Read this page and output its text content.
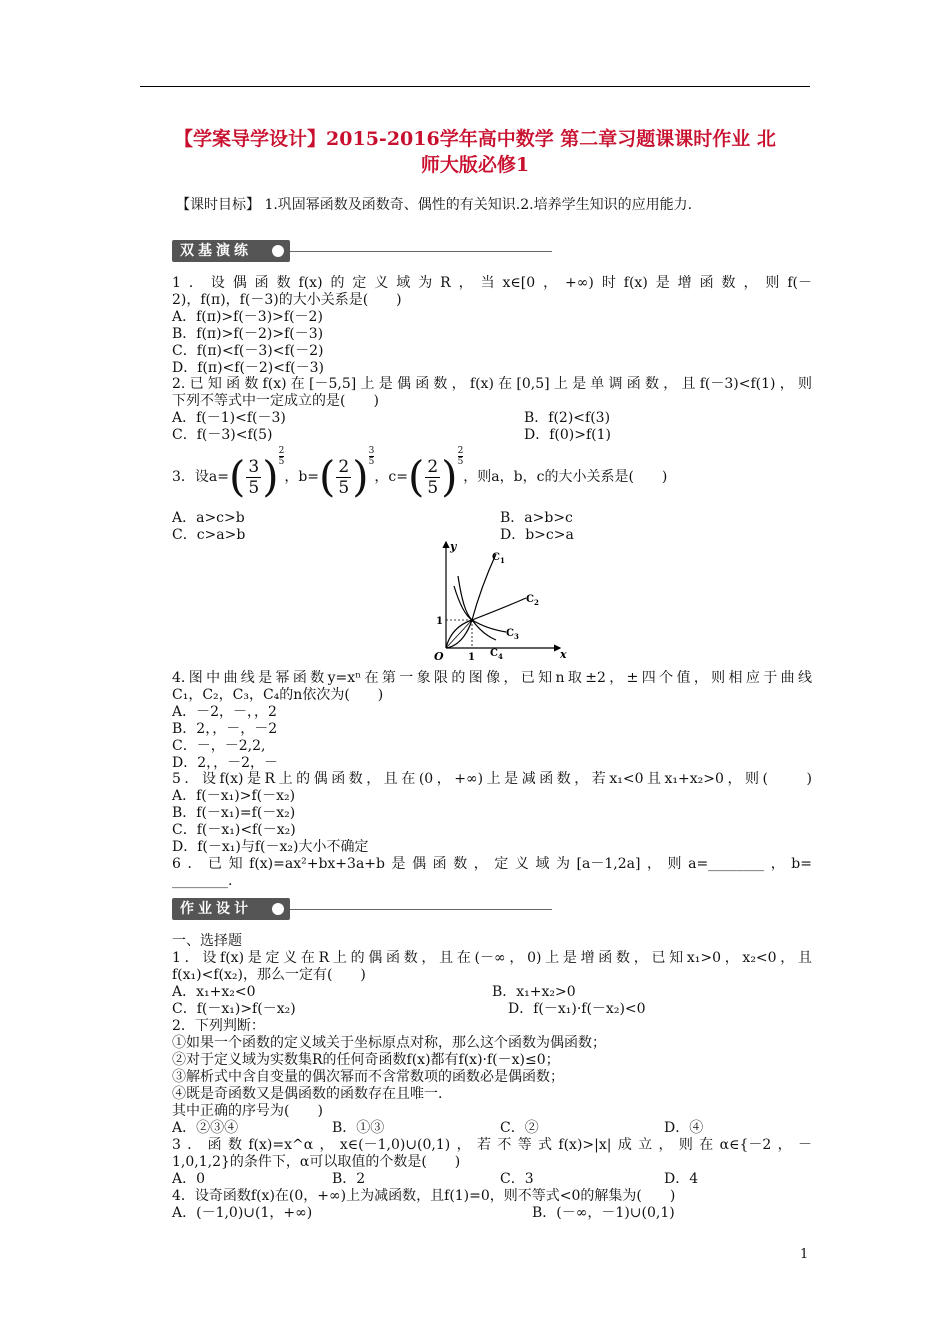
【学案导学设计】2015-2016学年高中数学 第二章习题课课时作业 北
师大版必修1
【课时目标】 1.巩固幂函数及函数奇、偶性的有关知识.2.培养学生知识的应用能力.
双基演练
1．设偶函数f(x)的定义域为R，当x∈[0，+∞)时f(x)是增函数，则f(－
2)，f(π)，f(－3)的大小关系是(　　)
A．f(π)>f(－3)>f(－2)
B．f(π)>f(－2)>f(－3)
C．f(π)<f(－3)<f(－2)
D．f(π)<f(－2)<f(－3)
2.已知函数f(x)在[－5,5]上是偶函数，f(x)在[0,5]上是单调函数，且f(－3)<f(1)，则
下列不等式中一定成立的是(　　)
A．f(－1)<f(－3)	B．f(2)<f(3)
C．f(－3)<f(5)	D．f(0)>f(1)
3．设$a=( \frac{3}{5}$ ) $\frac{2}{5}$，$b=( \frac{2}{5}$ ) $\frac{3}{5}$，$c=( \frac{2}{5}$ ) $\frac{2}{5}$，则a，b，c的大小关系是(　　)
A．a>c>b	B．a>b>c
C．c>a>b	D．b>c>a
y
x
O 1
1
$C_1$
$C_2$
$C_3$
$C_4$
4.图中曲线是幂函数y=xⁿ在第一象限的图像，已知n取±2，±四个值，则相应于曲线
C₁，C₂，C₃，C₄的n依次为(　　)
A．－2，－，，2
B．2，，－，－2
C．－，－2,2,
D．2，，－2，－
5．设f(x)是R上的偶函数，且在(0，+∞)上是减函数，若x₁<0且x₁+x₂>0，则(　　)
A．f(－x₁)>f(－x₂)
B．f(－x₁)=f(－x₂)
C．f(－x₁)<f(－x₂)
D．f(－x₁)与f(－x₂)大小不确定
6．已知f(x)=ax²+bx+3a+b是偶函数，定义域为[a－1,2a]，则a=________，b=
________.
作业设计
一、选择题
1．设f(x)是定义在R上的偶函数，且在(－∞，0)上是增函数，已知x₁>0，x₂<0，且
f(x₁)<f(x₂)，那么一定有(　　)
A．x₁+x₂<0	B．x₁+x₂>0
C．f(－x₁)>f(－x₂)	D．f(－x₁)·f(－x₂)<0
2．下列判断：
①如果一个函数的定义域关于坐标原点对称，那么这个函数为偶函数；
②对于定义域为实数集R的任何奇函数f(x)都有f(x)·f(－x)≤0；
③解析式中含自变量的偶次幂而不含常数项的函数必是偶函数；
④既是奇函数又是偶函数的函数存在且唯一.
其中正确的序号为(　　)
A．②③④	B．①③	C．②	D．④
3．函数f(x)=x^α，x∈(－1,0)∪(0,1)，若不等式f(x)>|x|成立，则在α∈{－2，－
1,0,1,2}的条件下，α可以取值的个数是(　　)
A．0	B．2	C．3	D．4
4．设奇函数f(x)在(0，+∞)上为减函数，且f(1)=0，则不等式<0的解集为(　　)
A．(－1,0)∪(1，+∞)	B．(－∞，－1)∪(0,1)
1
